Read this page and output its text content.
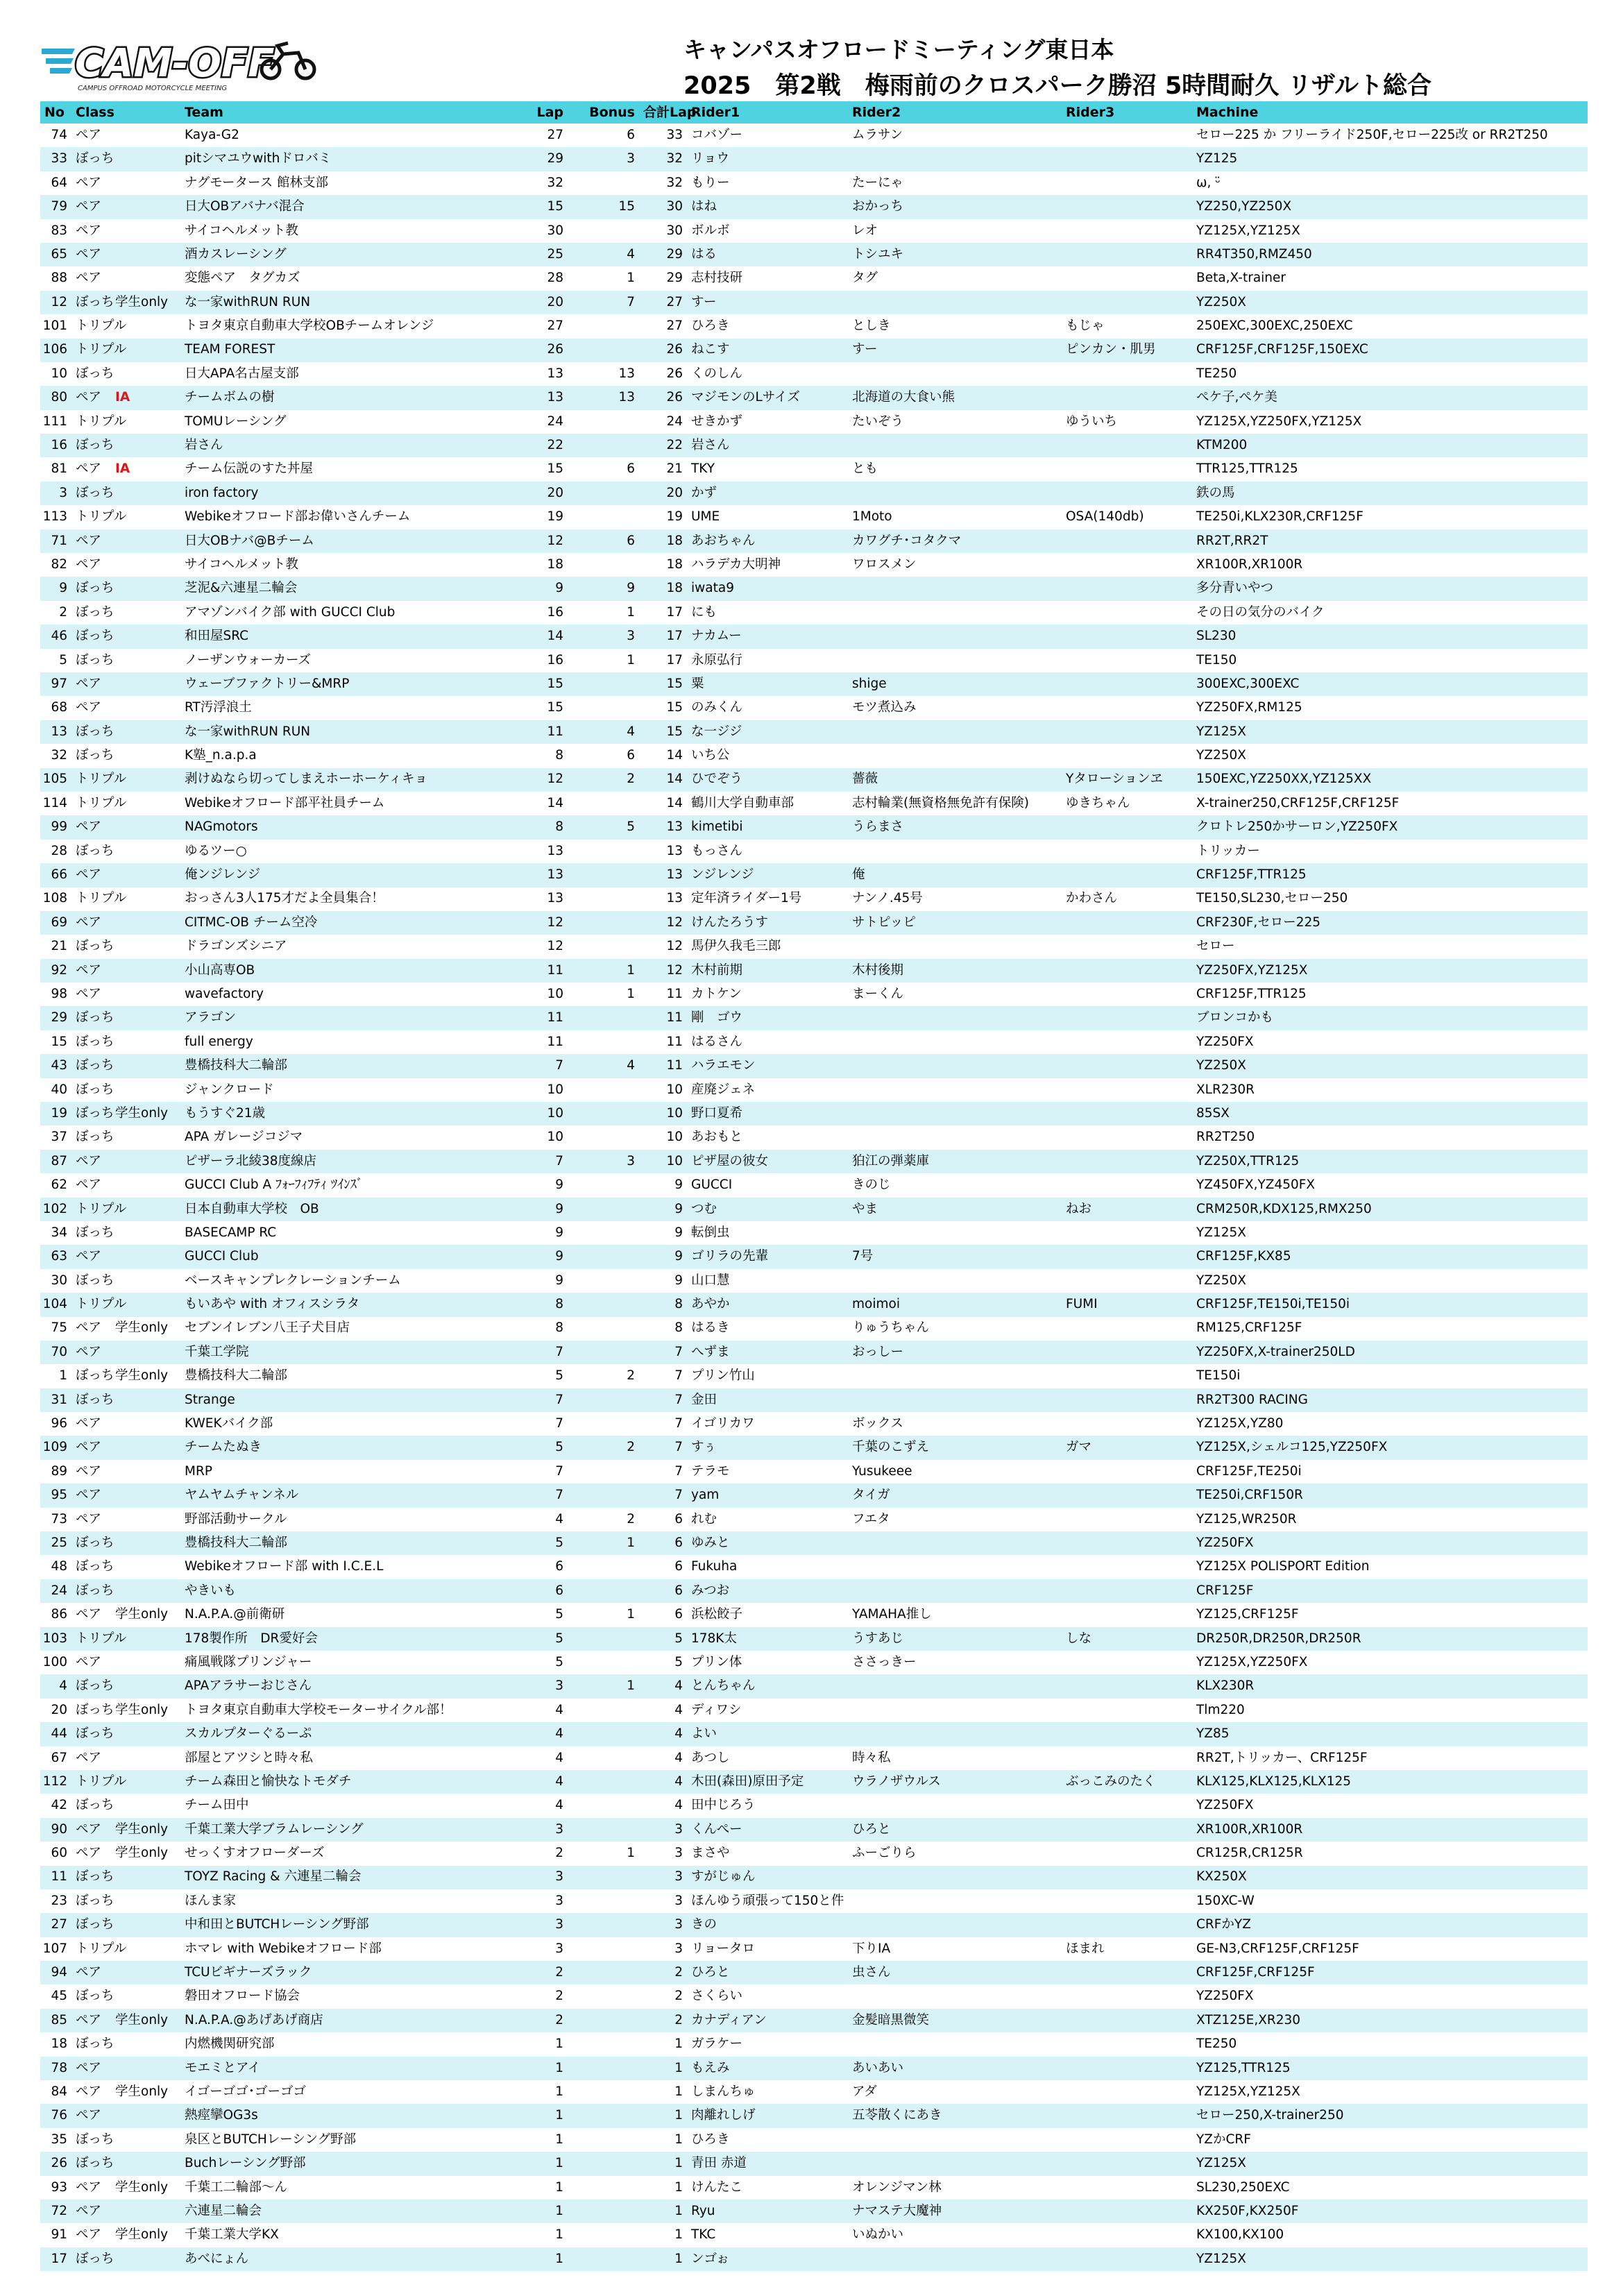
CAM-OFF
CAMPUS OFFROAD MOTORCYCLE MEETING
キャンパスオフロードミーティング東日本
2025　第2戦　梅雨前のクロスパーク勝沼 5時間耐久 リザルト総合
No	Class		Team	Lap	Bonus	合計Lap	Rider1	Rider2	Rider3	Machine
74	ペア		Kaya-G2	27	6	33	コバゾー	ムラサン		セロー225 か フリーライド250F,セロー225改 or RR2T250
33	ぼっち		pitシマユウwithドロバミ	29	3	32	リョウ			YZ125
64	ペア		ナグモータース 館林支部	32		32	もりー	たーにゃ		ω, ᵕ̈
79	ペア		日大OBアバナバ混合	15	15	30	はね	おかっち		YZ250,YZ250X
83	ペア		サイコヘルメット教	30		30	ボルボ	レオ		YZ125X,YZ125X
65	ペア		酒カスレーシング	25	4	29	はる	トシユキ		RR4T350,RMZ450
88	ペア		変態ペア　タグカズ	28	1	29	志村技研	タグ		Beta,X-trainer
12	ぼっち	学生only	な一家withRUN RUN	20	7	27	すー			YZ250X
101	トリプル		トヨタ東京自動車大学校OBチームオレンジ	27		27	ひろき	としき	もじゃ	250EXC,300EXC,250EXC
106	トリプル		TEAM FOREST	26		26	ねこす	すー	ピンカン・肌男	CRF125F,CRF125F,150EXC
10	ぼっち		日大APA名古屋支部	13	13	26	くのしん			TE250
80	ペア	IA	チームボムの樹	13	13	26	マジモンのLサイズ	北海道の大食い熊		ぺケ子,ぺケ美
111	トリプル		TOMUレーシング	24		24	せきかず	たいぞう	ゆういち	YZ125X,YZ250FX,YZ125X
16	ぼっち		岩さん	22		22	岩さん			KTM200
81	ペア	IA	チーム伝説のすた丼屋	15	6	21	TKY	とも		TTR125,TTR125
3	ぼっち		iron factory	20		20	かず			鉄の馬
113	トリプル		Webikeオフロード部お偉いさんチーム	19		19	UME	1Moto	OSA(140db)	TE250i,KLX230R,CRF125F
71	ペア		日大OBナバ@Bチーム	12	6	18	あおちゃん	カワグチ･コタクマ		RR2T,RR2T
82	ペア		サイコヘルメット教	18		18	ハラデカ大明神	ワロスメン		XR100R,XR100R
9	ぼっち		芝泥&六連星二輪会	9	9	18	iwata9			多分青いやつ
2	ぼっち		アマゾンバイク部 with GUCCI Club	16	1	17	にも			その日の気分のバイク
46	ぼっち		和田屋SRC	14	3	17	ナカムー			SL230
5	ぼっち		ノーザンウォーカーズ	16	1	17	永原弘行			TE150
97	ペア		ウェーブファクトリー&MRP	15		15	粟	shige		300EXC,300EXC
68	ペア		RT汚浮浪土	15		15	のみくん	モツ煮込み		YZ250FX,RM125
13	ぼっち		な一家withRUN RUN	11	4	15	な一ジジ			YZ125X
32	ぼっち		K塾_n.a.p.a	8	6	14	いち公			YZ250X
105	トリプル		剥けぬなら切ってしまえホーホーケィキョ	12	2	14	ひでぞう	薔薇	Yタローションヱ	150EXC,YZ250XX,YZ125XX
114	トリプル		Webikeオフロード部平社員チーム	14		14	鶴川大学自動車部	志村輪業(無資格無免許有保険)	ゆきちゃん	X-trainer250,CRF125F,CRF125F
99	ペア		NAGmotors	8	5	13	kimetibi	うらまさ		クロトレ250かサーロン,YZ250FX
28	ぼっち		ゆるツー○	13		13	もっさん			トリッカー
66	ペア		俺ンジレンジ	13		13	ンジレンジ	俺		CRF125F,TTR125
108	トリプル		おっさん3人175才だよ全員集合！	13		13	定年済ライダー1号	ナンノ.45号	かわさん	TE150,SL230,セロー250
69	ペア		CITMC-OB チーム空冷	12		12	けんたろうす	サトピッピ		CRF230F,セロー225
21	ぼっち		ドラゴンズシニア	12		12	馬伊久我毛三郎			セロー
92	ペア		小山高専OB	11	1	12	木村前期	木村後期		YZ250FX,YZ125X
98	ペア		wavefactory	10	1	11	カトケン	まーくん		CRF125F,TTR125
29	ぼっち		アラゴン	11		11	剛　ゴウ			ブロンコかも
15	ぼっち		full energy	11		11	はるさん			YZ250FX
43	ぼっち		豊橋技科大二輪部	7	4	11	ハラエモン			YZ250X
40	ぼっち		ジャンクロード	10		10	産廃ジェネ			XLR230R
19	ぼっち	学生only	もうすぐ21歳	10		10	野口夏希			85SX
37	ぼっち		APA ガレージコジマ	10		10	あおもと			RR2T250
87	ペア		ピザーラ北綾38度線店	7	3	10	ピザ屋の彼女	狛江の弾薬庫		YZ250X,TTR125
62	ペア		GUCCI Club A ﾌｫｰﾌｨﾌﾃｨ ﾂｲﾝｽﾞ	9		9	GUCCI	きのじ		YZ450FX,YZ450FX
102	トリプル		日本自動車大学校　OB	9		9	つむ	やま	ねお	CRM250R,KDX125,RMX250
34	ぼっち		BASECAMP RC	9		9	転倒虫			YZ125X
63	ペア		GUCCI Club	9		9	ゴリラの先輩	7号		CRF125F,KX85
30	ぼっち		ベースキャンプレクレーションチーム	9		9	山口慧			YZ250X
104	トリプル		もいあや with オフィスシラタ	8		8	あやか	moimoi	FUMI	CRF125F,TE150i,TE150i
75	ペア	学生only	セブンイレブン八王子犬目店	8		8	はるき	りゅうちゃん		RM125,CRF125F
70	ペア		千葉工学院	7		7	へずま	おっしー		YZ250FX,X-trainer250LD
1	ぼっち	学生only	豊橋技科大二輪部	5	2	7	プリン竹山			TE150i
31	ぼっち		Strange	7		7	金田			RR2T300 RACING
96	ペア		KWEKバイク部	7		7	イゴリカワ	ボックス		YZ125X,YZ80
109	ペア		チームたぬき	5	2	7	すぅ	千葉のこずえ	ガマ	YZ125X,シェルコ125,YZ250FX
89	ペア		MRP	7		7	テラモ	Yusukeee		CRF125F,TE250i
95	ペア		ヤムヤムチャンネル	7		7	yam	タイガ		TE250i,CRF150R
73	ペア		野部活動サークル	4	2	6	れむ	フエタ		YZ125,WR250R
25	ぼっち		豊橋技科大二輪部	5	1	6	ゆみと			YZ250FX
48	ぼっち		Webikeオフロード部 with I.C.E.L	6		6	Fukuha			YZ125X POLISPORT Edition
24	ぼっち		やきいも	6		6	みつお			CRF125F
86	ペア	学生only	N.A.P.A.@前衛研	5	1	6	浜松餃子	YAMAHA推し		YZ125,CRF125F
103	トリプル		178製作所　DR愛好会	5		5	178K太	うすあじ	しな	DR250R,DR250R,DR250R
100	ペア		痛風戦隊プリンジャー	5		5	プリン体	ささっきー		YZ125X,YZ250FX
4	ぼっち		APAアラサーおじさん	3	1	4	とんちゃん			KLX230R
20	ぼっち	学生only	トヨタ東京自動車大学校モーターサイクル部！	4		4	ディワシ			Tlm220
44	ぼっち		スカルプターぐるーぷ	4		4	よい			YZ85
67	ペア		部屋とアツシと時々私	4		4	あつし	時々私		RR2T,トリッカー、CRF125F
112	トリプル		チーム森田と愉快なトモダチ	4		4	木田(森田)原田予定	ウラノザウルス	ぶっこみのたく	KLX125,KLX125,KLX125
42	ぼっち		チーム田中	4		4	田中じろう			YZ250FX
90	ペア	学生only	千葉工業大学ブラムレーシング	3		3	くんぺー	ひろと		XR100R,XR100R
60	ペア	学生only	せっくすオフローダーズ	2	1	3	まさや	ふーごりら		CR125R,CR125R
11	ぼっち		TOYZ Racing & 六連星二輪会	3		3	すがじゅん			KX250X
23	ぼっち		ほんま家	3		3	ほんゆう頑張って150と件			150XC-W
27	ぼっち		中和田とBUTCHレーシング野部	3		3	きの			CRFかYZ
107	トリプル		ホマレ with Webikeオフロード部	3		3	リョータロ	下りIA	ほまれ	GE-N3,CRF125F,CRF125F
94	ペア		TCUビギナーズラック	2		2	ひろと	虫さん		CRF125F,CRF125F
45	ぼっち		磐田オフロード協会	2		2	さくらい			YZ250FX
85	ペア	学生only	N.A.P.A.@あげあげ商店	2		2	カナディアン	金髪暗黒微笑		XTZ125E,XR230
18	ぼっち		内燃機関研究部	1		1	ガラケー			TE250
78	ペア		モエミとアイ	1		1	もえみ	あいあい		YZ125,TTR125
84	ペア	学生only	イゴーゴゴ･ゴーゴゴ	1		1	しまんちゅ	アダ		YZ125X,YZ125X
76	ペア		熱痙攣OG3s	1		1	肉離れしげ	五苓散くにあき		セロー250,X-trainer250
35	ぼっち		泉区とBUTCHレーシング野部	1		1	ひろき			YZかCRF
26	ぼっち		Buchレーシング野部	1		1	青田 赤道			YZ125X
93	ペア	学生only	千葉工二輪部〜ん	1		1	けんたこ	オレンジマン林		SL230,250EXC
72	ペア		六連星二輪会	1		1	Ryu	ナマステ大魔神		KX250F,KX250F
91	ペア	学生only	千葉工業大学KX	1		1	TKC	いぬかい		KX100,KX100
17	ぼっち		あべにょん	1		1	ンゴぉ			YZ125X
